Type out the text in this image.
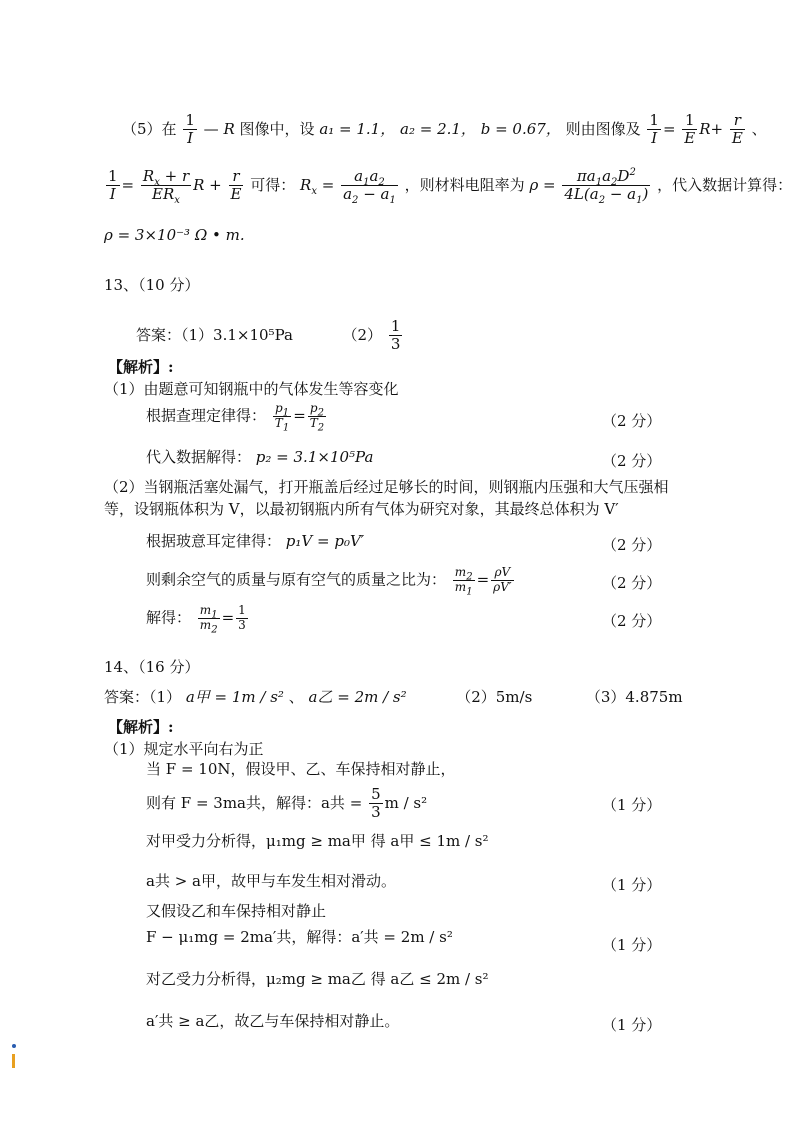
（5）在 $\frac{1}{I}$ — R 图像中，设 a₁ = 1.1， a₂ = 2.1， b = 0.67， 则由图像及 $\frac{1}{I} = \frac{1}{E} R+ \frac{r}{E}$ 、
$\frac{1}{I} = R_x + r$
$ER_x$
$R + \frac{r}{E}$ 可得： $R_x = \frac{a_1a_2}{a_2 - a_1}$ ，则材料电阻率为 $\rho = \frac{\pi a_1a_2D^2}{4L(a_2 - a_1)}$ ，代入数据计算得：
ρ = 3×10⁻³ Ω • m.
13、（10 分）
答案：（1）3.1×10⁵Pa	$(2) \frac{1}{3}$
【解析】:
（1）由题意可知钢瓶中的气体发生等容变化
根据查理定律得： $\frac{p_1}{T_1} = \frac{p_2}{T_2}$	（2 分）
代入数据解得： p₂ = 3.1×10⁵Pa	（2 分）
（2）当钢瓶活塞处漏气，打开瓶盖后经过足够长的时间，则钢瓶内压强和大气压强相
等，设钢瓶体积为 V，以最初钢瓶内所有气体为研究对象，其最终总体积为 V′
根据玻意耳定律得： p₁V = p₀V′	（2 分）
则剩余空气的质量与原有空气的质量之比为： $\frac{m_2}{m_1} = \frac{\rho V}{\rho V'}$	（2 分）
解得： $\frac{m_1}{m_2} = \frac{1}{3}$	（2 分）
14、（16 分）
答案：（1） a甲 = 1m / s² 、 a乙 = 2m / s²	（2）5m/s	（3）4.875m
【解析】:
（1）规定水平向右为正
当 F = 10N，假设甲、乙、车保持相对静止，
则有 F = 3ma共，解得：a共 = $\frac{5}{3}$ m / s²	（1 分）
对甲受力分析得，μ₁mg ≥ ma甲 得 a甲 ≤ 1m / s²
a共 > a甲，故甲与车发生相对滑动。	（1 分）
又假设乙和车保持相对静止
F − μ₁mg = 2ma′共，解得：a′共 = 2m / s²	（1 分）
对乙受力分析得，μ₂mg ≥ ma乙 得 a乙 ≤ 2m / s²
a′共 ≥ a乙，故乙与车保持相对静止。	（1 分）
